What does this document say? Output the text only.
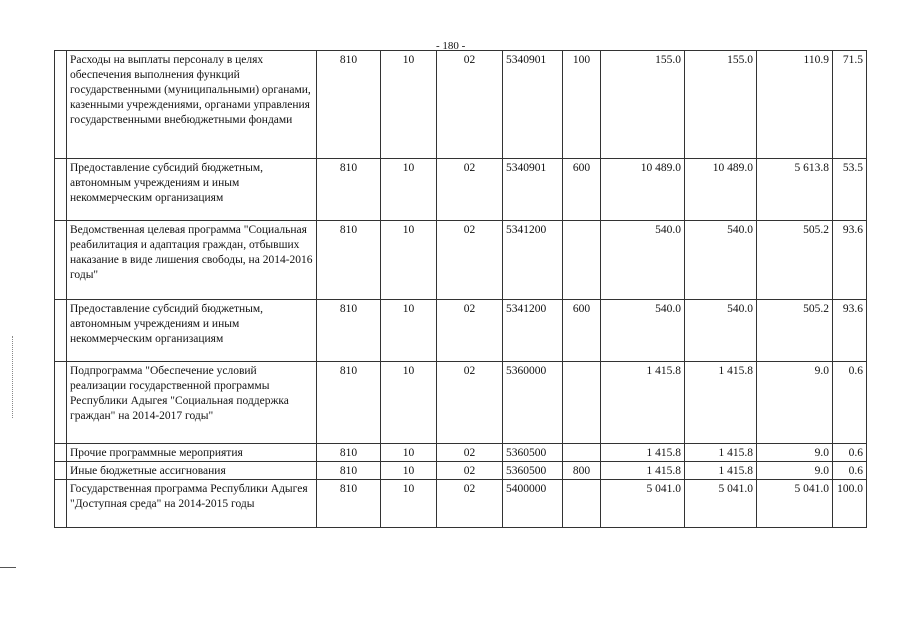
- 180 -
	Расходы на выплаты персоналу в целях обеспечения выполнения функций государственными (муниципальными) органами, казенными учреждениями, органами управления государственными внебюджетными фондами	810	10	02	5340901	100	155.0	155.0	110.9	71.5
	Предоставление субсидий бюджетным, автономным учреждениям и иным некоммерческим организациям	810	10	02	5340901	600	10 489.0	10 489.0	5 613.8	53.5
	Ведомственная целевая программа "Социальная реабилитация и адаптация граждан, отбывших наказание в виде лишения свободы, на 2014-2016 годы"	810	10	02	5341200		540.0	540.0	505.2	93.6
	Предоставление субсидий бюджетным, автономным учреждениям и иным некоммерческим организациям	810	10	02	5341200	600	540.0	540.0	505.2	93.6
	Подпрограмма "Обеспечение условий реализации государственной программы Республики Адыгея "Социальная поддержка граждан" на 2014-2017 годы"	810	10	02	5360000		1 415.8	1 415.8	9.0	0.6
	Прочие программные мероприятия	810	10	02	5360500		1 415.8	1 415.8	9.0	0.6
	Иные бюджетные ассигнования	810	10	02	5360500	800	1 415.8	1 415.8	9.0	0.6
	Государственная программа Республики Адыгея "Доступная среда" на 2014-2015 годы	810	10	02	5400000		5 041.0	5 041.0	5 041.0	100.0
